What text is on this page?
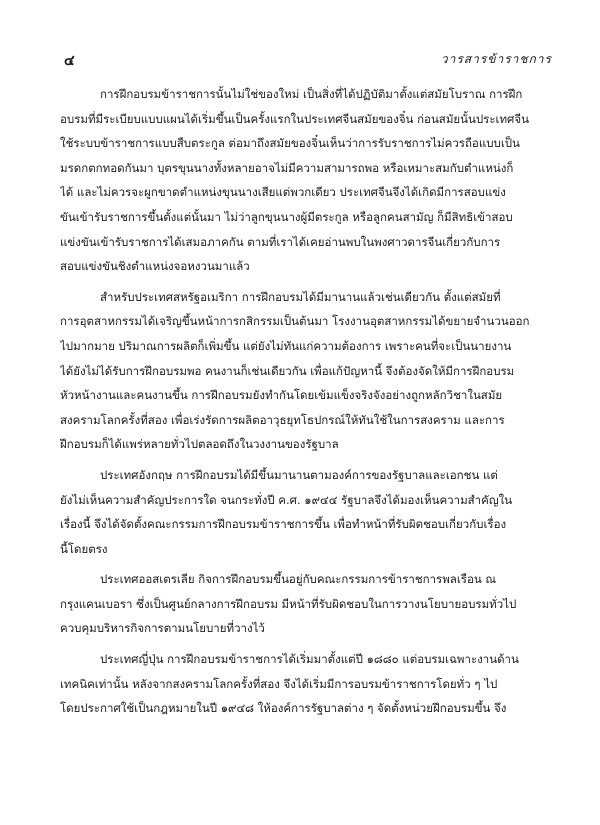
๔	วารสารข้าราชการ
การฝึกอบรมข้าราชการนั้นไม่ใช่ของใหม่ เป็นสิ่งที่ได้ปฏิบัติมาตั้งแต่สมัยโบราณ การฝึก
อบรมที่มีระเบียบแบบแผนได้เริ่มขึ้นเป็นครั้งแรกในประเทศจีนสมัยของจิ๋น ก่อนสมัยนั้นประเทศจีน
ใช้ระบบข้าราชการแบบสืบตระกูล ต่อมาถึงสมัยของจิ๋นเห็นว่าการรับราชการไม่ควรถือแบบเป็น
มรดกตกทอดกันมา บุตรขุนนางทั้งหลายอาจไม่มีความสามารถพอ หรือเหมาะสมกับตำแหน่งก็
ได้ และไม่ควรจะผูกขาดตำแหน่งขุนนางเสียแต่พวกเดียว ประเทศจีนจึงได้เกิดมีการสอบแข่ง
ขันเข้ารับราชการขึ้นตั้งแต่นั้นมา ไม่ว่าลูกขุนนางผู้มีตระกูล หรือลูกคนสามัญ ก็มีสิทธิเข้าสอบ
แข่งขันเข้ารับราชการได้เสมอภาคกัน ตามที่เราได้เคยอ่านพบในพงศาวดารจีนเกี่ยวกับการ
สอบแข่งขันชิงตำแหน่งจอหงวนมาแล้ว
สำหรับประเทศสหรัฐอเมริกา การฝึกอบรมได้มีมานานแล้วเช่นเดียวกัน ตั้งแต่สมัยที่
การอุตสาหกรรมได้เจริญขึ้นหน้าการกสิกรรมเป็นต้นมา โรงงานอุตสาหกรรมได้ขยายจำนวนออก
ไปมากมาย ปริมาณการผลิตก็เพิ่มขึ้น แต่ยังไม่ทันแก่ความต้องการ เพราะคนที่จะเป็นนายงาน
ได้ยังไม่ได้รับการฝึกอบรมพอ คนงานก็เช่นเดียวกัน เพื่อแก้ปัญหานี้ จึงต้องจัดให้มีการฝึกอบรม
หัวหน้างานและคนงานขึ้น การฝึกอบรมยังทำกันโดยเข้มแข็งจริงจังอย่างถูกหลักวิชาในสมัย
สงครามโลกครั้งที่สอง เพื่อเร่งรัดการผลิตอาวุธยุทโธปกรณ์ให้ทันใช้ในการสงคราม และการ
ฝึกอบรมก็ได้แพร่หลายทั่วไปตลอดถึงในวงงานของรัฐบาล
ประเทศอังกฤษ การฝึกอบรมได้มีขึ้นมานานตามองค์การของรัฐบาลและเอกชน แต่
ยังไม่เห็นความสำคัญประการใด จนกระทั่งปี ค.ศ. ๑๙๔๔ รัฐบาลจึงได้มองเห็นความสำคัญใน
เรื่องนี้ จึงได้จัดตั้งคณะกรรมการฝึกอบรมข้าราชการขึ้น เพื่อทำหน้าที่รับผิดชอบเกี่ยวกับเรื่อง
นี้โดยตรง
ประเทศออสเตรเลีย กิจการฝึกอบรมขึ้นอยู่กับคณะกรรมการข้าราชการพลเรือน ณ
กรุงแคนเบอรา ซึ่งเป็นศูนย์กลางการฝึกอบรม มีหน้าที่รับผิดชอบในการวางนโยบายอบรมทั่วไป
ควบคุมบริหารกิจการตามนโยบายที่วางไว้
ประเทศญี่ปุ่น การฝึกอบรมข้าราชการได้เริ่มมาตั้งแต่ปี ๑๘๘๐ แต่อบรมเฉพาะงานด้าน
เทคนิคเท่านั้น หลังจากสงครามโลกครั้งที่สอง จึงได้เริ่มมีการอบรมข้าราชการโดยทั่ว ๆ ไป
โดยประกาศใช้เป็นกฎหมายในปี ๑๙๔๘ ให้องค์การรัฐบาลต่าง ๆ จัดตั้งหน่วยฝึกอบรมขึ้น จึง
